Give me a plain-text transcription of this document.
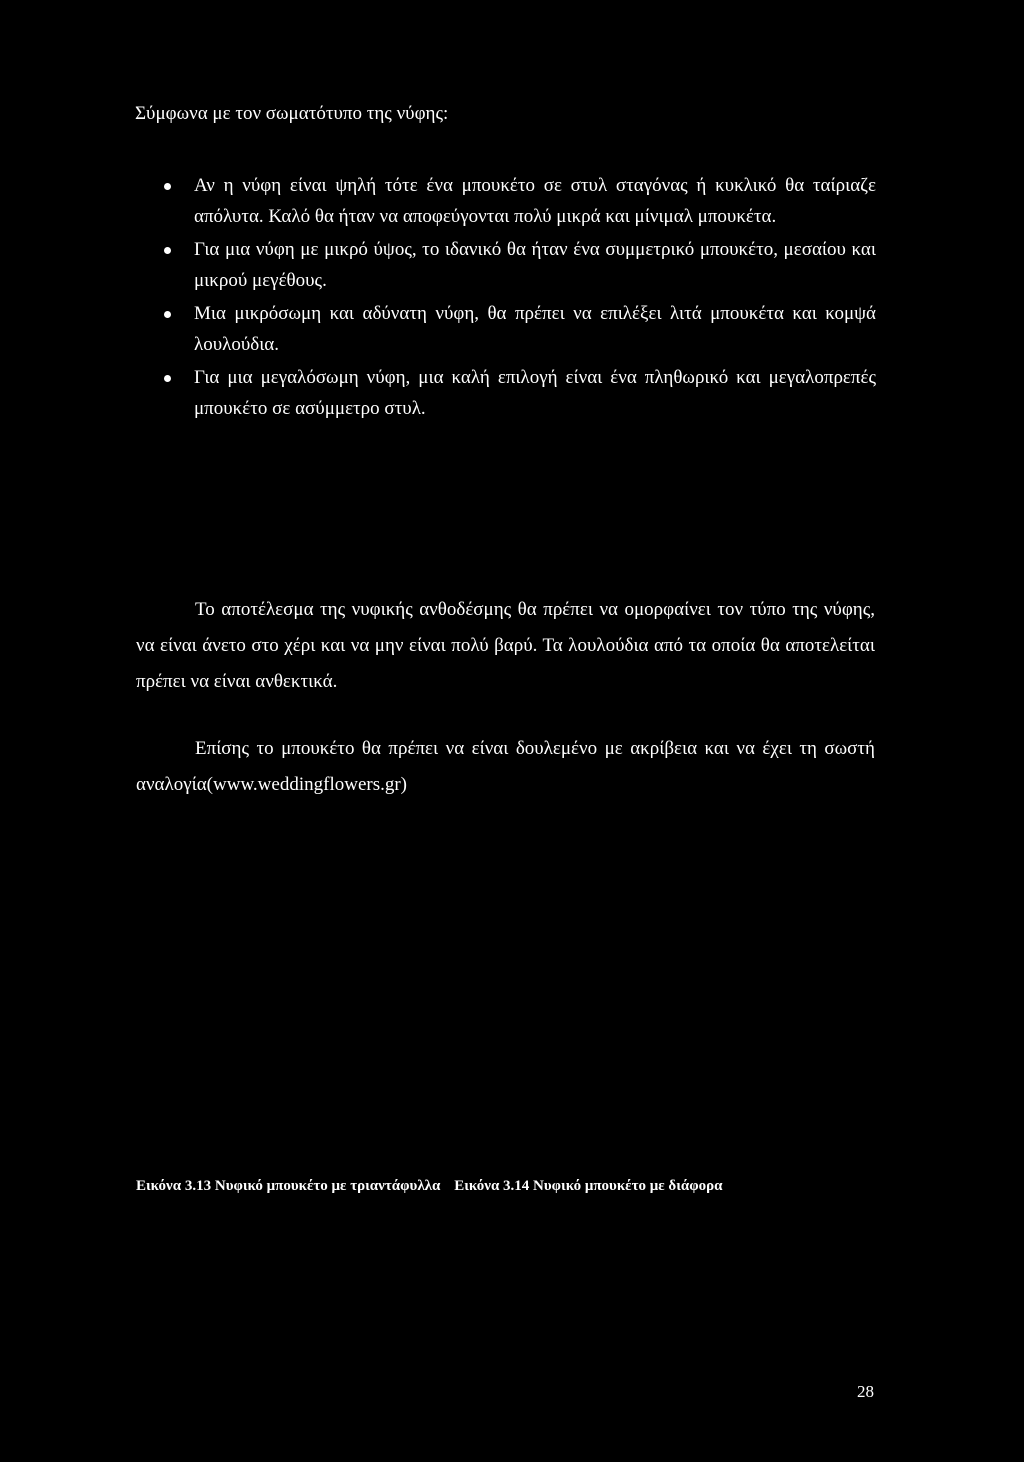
Σύμφωνα με τον σωματότυπο της νύφης:

Αν η νύφη είναι ψηλή τότε ένα μπουκέτο σε στυλ σταγόνας ή κυκλικό θα ταίριαζε απόλυτα. Καλό θα ήταν να αποφεύγονται πολύ μικρά και μίνιμαλ μπουκέτα.
Για μια νύφη με μικρό ύψος, το ιδανικό θα ήταν ένα συμμετρικό μπουκέτο, μεσαίου και μικρού μεγέθους.
Μια μικρόσωμη και αδύνατη νύφη, θα πρέπει να επιλέξει λιτά μπουκέτα και κομψά λουλούδια.
Για μια μεγαλόσωμη νύφη, μια καλή επιλογή είναι ένα πληθωρικό και μεγαλοπρεπές μπουκέτο σε ασύμμετρο στυλ.

Το αποτέλεσμα της νυφικής ανθοδέσμης θα πρέπει να ομορφαίνει τον τύπο της νύφης, να είναι άνετο στο χέρι και να μην είναι πολύ βαρύ. Τα λουλούδια από τα οποία θα αποτελείται πρέπει να είναι ανθεκτικά.

Επίσης το μπουκέτο θα πρέπει να είναι δουλεμένο με ακρίβεια και να έχει τη σωστή αναλογία(www.weddingflowers.gr)

Εικόνα 3.13 Νυφικό μπουκέτο με τριαντάφυλλα Εικόνα 3.14 Νυφικό μπουκέτο με διάφορα
28
